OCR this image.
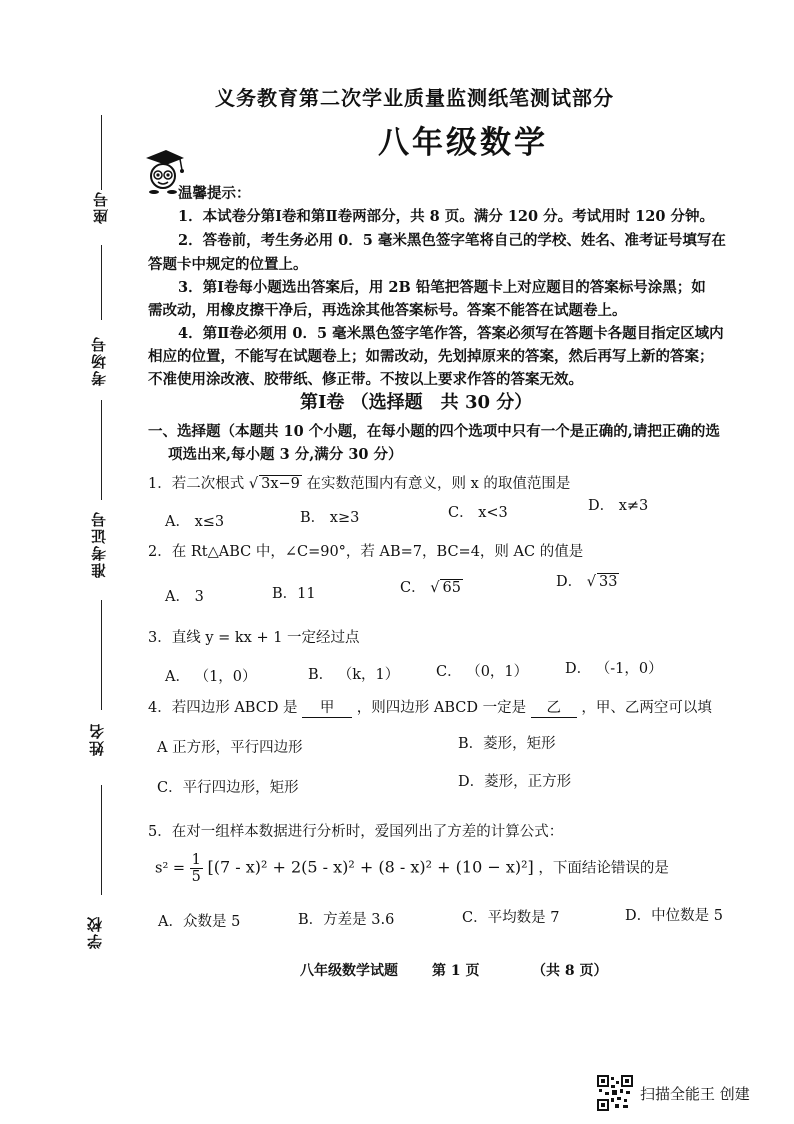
座号
考场号
准考证号
姓名
学校
义务教育第二次学业质量监测纸笔测试部分
八年级数学
温馨提示：
1．本试卷分第Ⅰ卷和第Ⅱ卷两部分，共 8 页。满分 120 分。考试用时 120 分钟。
2．答卷前，考生务必用 0．5 毫米黑色签字笔将自己的学校、姓名、准考证号填写在
答题卡中规定的位置上。
3．第Ⅰ卷每小题选出答案后，用 2B 铅笔把答题卡上对应题目的答案标号涂黑；如
需改动，用橡皮擦干净后，再选涂其他答案标号。答案不能答在试题卷上。
4．第Ⅱ卷必须用 0．5 毫米黑色签字笔作答，答案必须写在答题卡各题目指定区域内
相应的位置，不能写在试题卷上；如需改动，先划掉原来的答案，然后再写上新的答案；
不准使用涂改液、胶带纸、修正带。不按以上要求作答的答案无效。
第Ⅰ卷 （选择题　共 30 分）
一、选择题（本题共 10 个小题，在每小题的四个选项中只有一个是正确的,请把正确的选
项选出来,每小题 3 分,满分 30 分）
1．若二次根式 √ 3x−9 在实数范围内有意义，则 x 的取值范围是
A． x≤3	B． x≥3	C． x<3	D． x≠3
2．在 Rt△ABC 中，∠C=90°，若 AB=7，BC=4，则 AC 的值是
A． 3	B．11	C． √ 65	D． √ 33
3．直线 y = kx + 1 一定经过点
A． （1，0）	B． （k，1）	C． （0，1）	D． （-1，0）
4．若四边形 ABCD 是 甲 ，则四边形 ABCD 一定是 乙 ，甲、乙两空可以填
A 正方形，平行四边形	B．菱形，矩形
C．平行四边形，矩形	D．菱形，正方形
5．在对一组样本数据进行分析时，爱国列出了方差的计算公式：
$s^2 = \frac{1}{5} [(7 - x)^2 + 2(5 - x)^2 + (8 - x)^2 + (10 - x)^2]$ ，下面结论错误的是
A．众数是 5	B．方差是 3.6	C．平均数是 7	D．中位数是 5
八年级数学试题 第 1 页	（共 8 页）
扫描全能王 创建
